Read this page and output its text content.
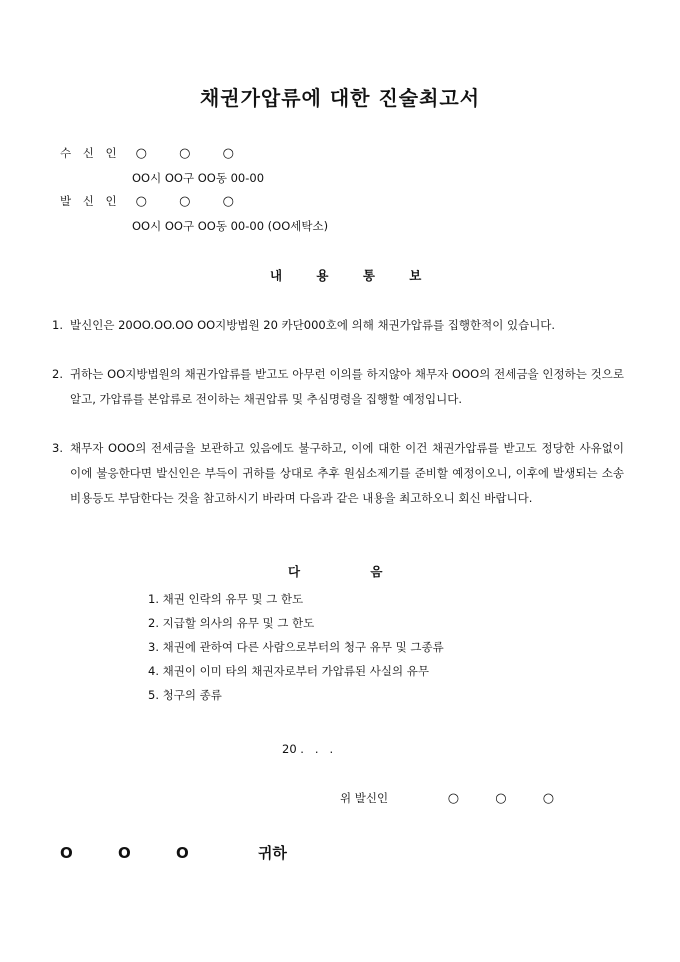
채권가압류에 대한 진술최고서
수 신 인 ○ ○ ○
OO시 OO구 OO동 00-00
발 신 인 ○ ○ ○
OO시 OO구 OO동 00-00 (OO세탁소)
내 용 통 보
1. 발신인은 20OO.OO.OO OO지방법원 20 카단000호에 의해 채권가압류를 집행한적이 있습니다.
2. 귀하는 OO지방법원의 채권가압류를 받고도 아무런 이의를 하지않아 채무자 OOO의 전세금을 인정하는 것으로 알고, 가압류를 본압류로 전이하는 채권압류 및 추심명령을 집행할 예정입니다.
3. 채무자 OOO의 전세금을 보관하고 있음에도 불구하고, 이에 대한 이건 채권가압류를 받고도 정당한 사유없이 이에 불응한다면 발신인은 부득이 귀하를 상대로 추후 원심소제기를 준비할 예정이오니, 이후에 발생되는 소송비용등도 부담한다는 것을 참고하시기 바라며 다음과 같은 내용을 최고하오니 회신 바랍니다.
다 음
1. 채권 인락의 유무 및 그 한도
2. 지급할 의사의 유무 및 그 한도
3. 채권에 관하여 다른 사람으로부터의 청구 유무 및 그종류
4. 채권이 이미 타의 채권자로부터 가압류된 사실의 유무
5. 청구의 종류
20 .   .   .
위 발신인	○ ○ ○
O O O	귀하
